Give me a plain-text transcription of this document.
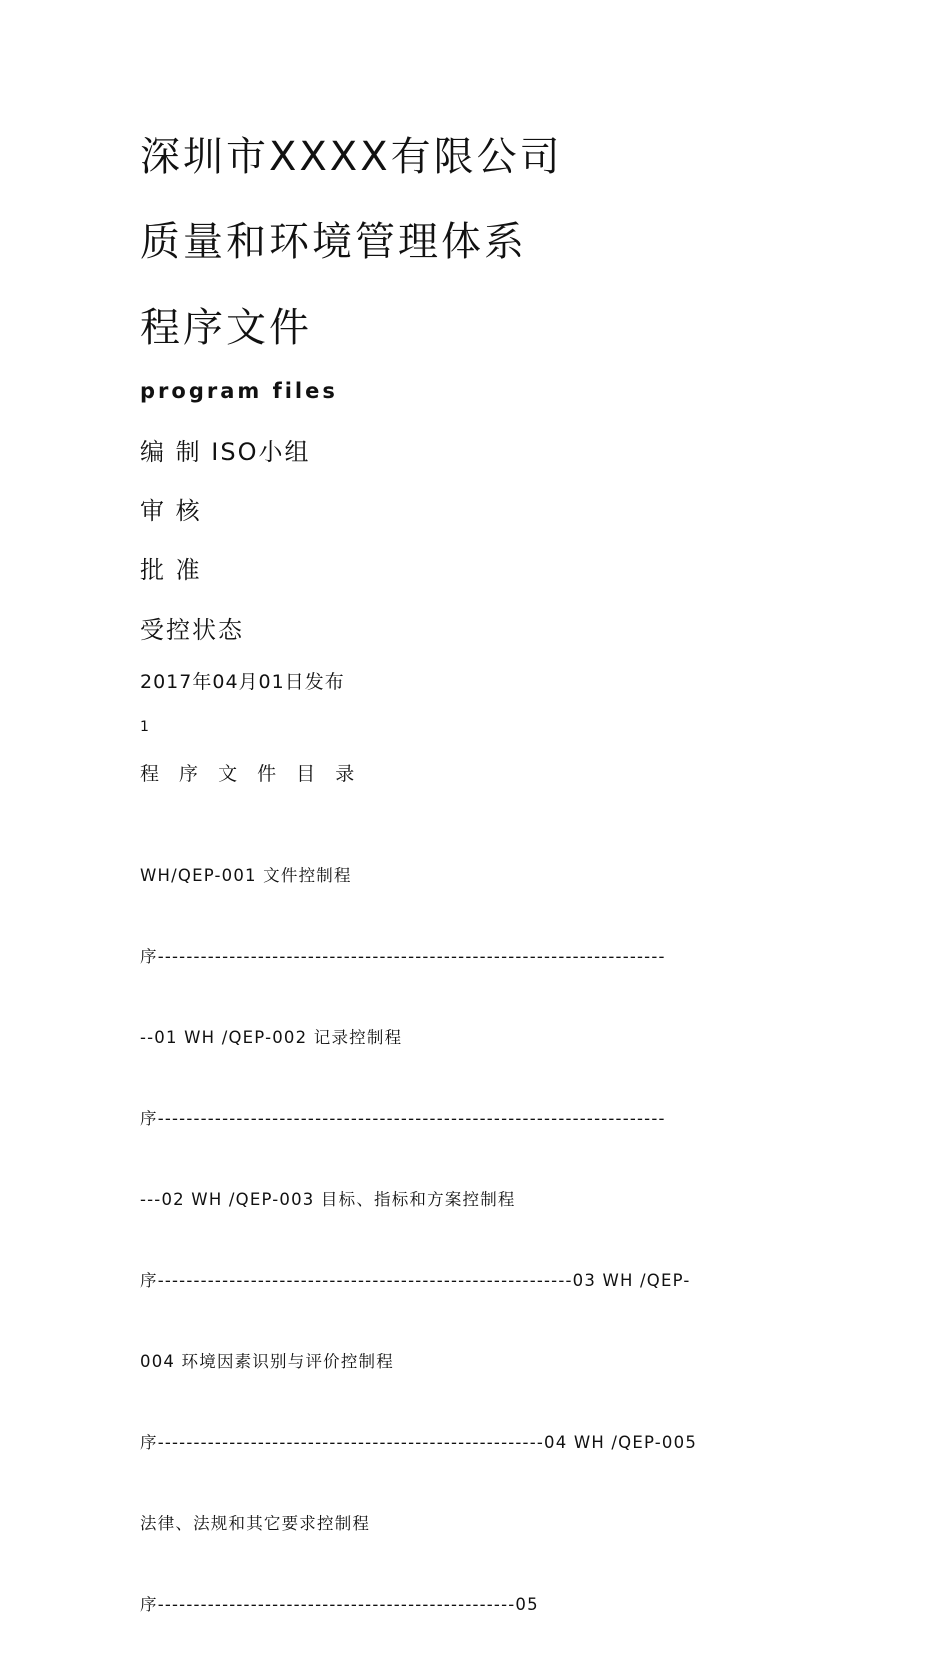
深圳市XXXX有限公司
质量和环境管理体系
程序文件
program files
编 制 ISO小组
审 核
批 准
受控状态
2017年04月01日发布
1
程 序 文 件 目 录

WH/QEP-001 文件控制程

序-----------------------------------------------------------------------

--01 WH /QEP-002 记录控制程

序-----------------------------------------------------------------------

---02 WH /QEP-003 目标、指标和方案控制程

序----------------------------------------------------------03 WH /QEP-

004 环境因素识别与评价控制程

序------------------------------------------------------04 WH /QEP-005

法律、法规和其它要求控制程

序--------------------------------------------------05
